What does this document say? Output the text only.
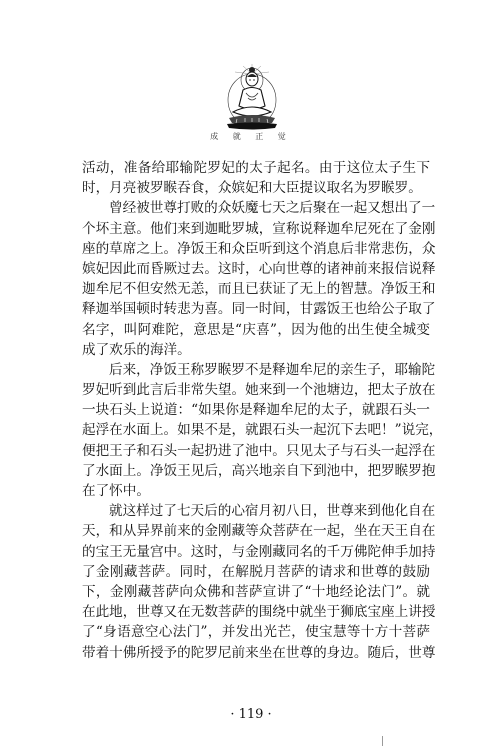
成 就 正 觉
活动，准备给耶输陀罗妃的太子起名。由于这位太子生下
时，月亮被罗睺吞食，众嫔妃和大臣提议取名为罗睺罗。
曾经被世尊打败的众妖魔七天之后聚在一起又想出了一
个坏主意。他们来到迦毗罗城，宣称说释迦牟尼死在了金刚
座的草席之上。净饭王和众臣听到这个消息后非常悲伤，众
嫔妃因此而昏厥过去。这时，心向世尊的诸神前来报信说释
迦牟尼不但安然无恙，而且已获证了无上的智慧。净饭王和
释迦举国顿时转悲为喜。同一时间，甘露饭王也给公子取了
名字，叫阿难陀，意思是“庆喜”，因为他的出生使全城变
成了欢乐的海洋。
后来，净饭王称罗睺罗不是释迦牟尼的亲生子，耶输陀
罗妃听到此言后非常失望。她来到一个池塘边，把太子放在
一块石头上说道：“如果你是释迦牟尼的太子，就跟石头一
起浮在水面上。如果不是，就跟石头一起沉下去吧！”说完，
便把王子和石头一起扔进了池中。只见太子与石头一起浮在
了水面上。净饭王见后，高兴地亲自下到池中，把罗睺罗抱
在了怀中。
就这样过了七天后的心宿月初八日，世尊来到他化自在
天，和从异界前来的金刚藏等众菩萨在一起，坐在天王自在
的宝王无量宫中。这时，与金刚藏同名的千万佛陀伸手加持
了金刚藏菩萨。同时，在解脱月菩萨的请求和世尊的鼓励
下，金刚藏菩萨向众佛和菩萨宣讲了“十地经论法门”。就
在此地，世尊又在无数菩萨的围绕中就坐于狮底宝座上讲授
了“身语意空心法门”，并发出光芒，使宝慧等十方十菩萨
带着十佛所授予的陀罗尼前来坐在世尊的身边。随后，世尊
· 119 ·
